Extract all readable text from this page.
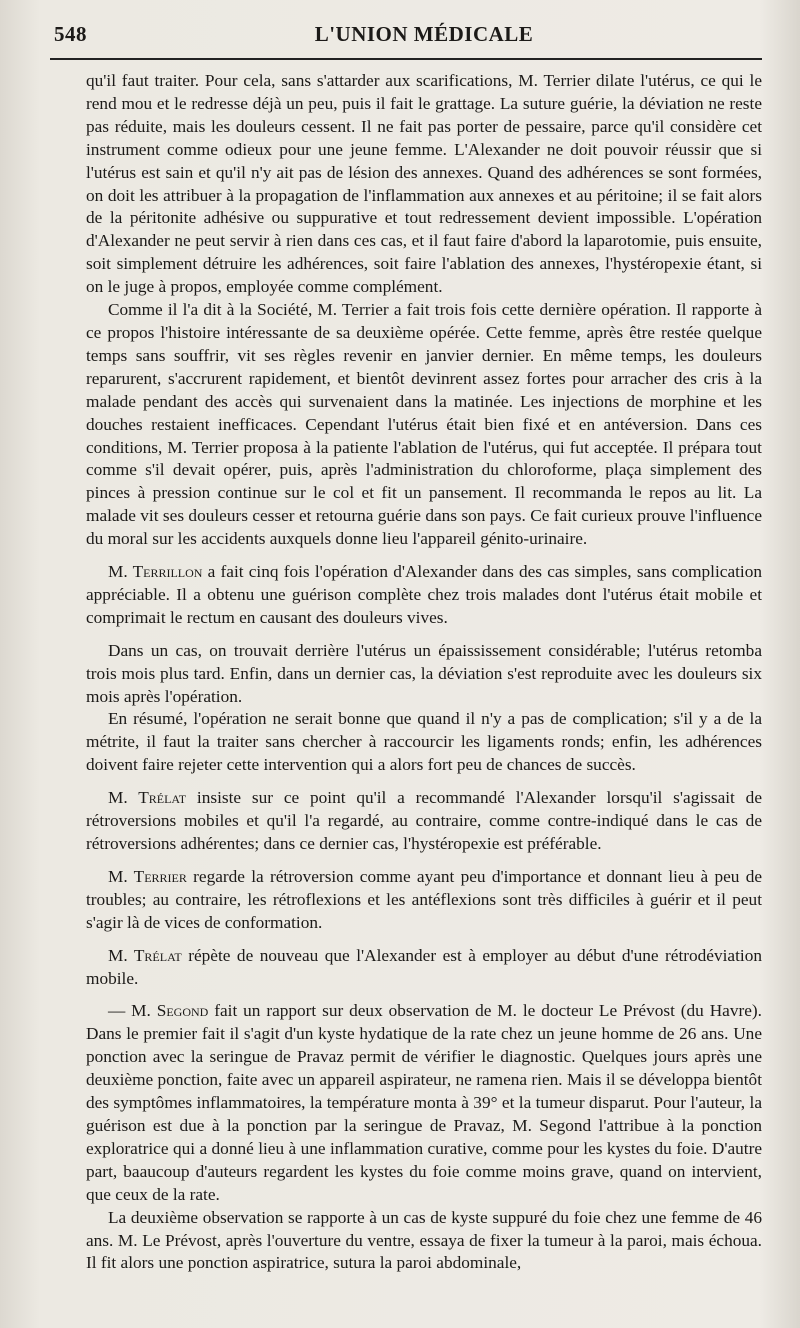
548	L'UNION MÉDICALE

qu'il faut traiter. Pour cela, sans s'attarder aux scarifications, M. Terrier dilate l'utérus, ce qui le rend mou et le redresse déjà un peu, puis il fait le grattage. La suture guérie, la déviation ne reste pas réduite, mais les douleurs cessent. Il ne fait pas porter de pessaire, parce qu'il considère cet instrument comme odieux pour une jeune femme. L'Alexander ne doit pouvoir réussir que si l'utérus est sain et qu'il n'y ait pas de lésion des annexes. Quand des adhérences se sont formées, on doit les attribuer à la propagation de l'inflammation aux annexes et au péritoine; il se fait alors de la péritonite adhésive ou suppurative et tout redressement devient impossible. L'opération d'Alexander ne peut servir à rien dans ces cas, et il faut faire d'abord la laparotomie, puis ensuite, soit simplement détruire les adhérences, soit faire l'ablation des annexes, l'hystéropexie étant, si on le juge à propos, employée comme complément.

Comme il l'a dit à la Société, M. Terrier a fait trois fois cette dernière opération. Il rapporte à ce propos l'histoire intéressante de sa deuxième opérée. Cette femme, après être restée quelque temps sans souffrir, vit ses règles revenir en janvier dernier. En même temps, les douleurs reparurent, s'accrurent rapidement, et bientôt devinrent assez fortes pour arracher des cris à la malade pendant des accès qui survenaient dans la matinée. Les injections de morphine et les douches restaient inefficaces. Cependant l'utérus était bien fixé et en antéversion. Dans ces conditions, M. Terrier proposa à la patiente l'ablation de l'utérus, qui fut acceptée. Il prépara tout comme s'il devait opérer, puis, après l'administration du chloroforme, plaça simplement des pinces à pression continue sur le col et fit un pansement. Il recommanda le repos au lit. La malade vit ses douleurs cesser et retourna guérie dans son pays. Ce fait curieux prouve l'influence du moral sur les accidents auxquels donne lieu l'appareil génito-urinaire.

M. Terrillon a fait cinq fois l'opération d'Alexander dans des cas simples, sans complication appréciable. Il a obtenu une guérison complète chez trois malades dont l'utérus était mobile et comprimait le rectum en causant des douleurs vives.

Dans un cas, on trouvait derrière l'utérus un épaississement considérable; l'utérus retomba trois mois plus tard. Enfin, dans un dernier cas, la déviation s'est reproduite avec les douleurs six mois après l'opération.

En résumé, l'opération ne serait bonne que quand il n'y a pas de complication; s'il y a de la métrite, il faut la traiter sans chercher à raccourcir les ligaments ronds; enfin, les adhérences doivent faire rejeter cette intervention qui a alors fort peu de chances de succès.

M. Trélat insiste sur ce point qu'il a recommandé l'Alexander lorsqu'il s'agissait de rétroversions mobiles et qu'il l'a regardé, au contraire, comme contre-indiqué dans le cas de rétroversions adhérentes; dans ce dernier cas, l'hystéropexie est préférable.

M. Terrier regarde la rétroversion comme ayant peu d'importance et donnant lieu à peu de troubles; au contraire, les rétroflexions et les antéflexions sont très difficiles à guérir et il peut s'agir là de vices de conformation.

M. Trélat répète de nouveau que l'Alexander est à employer au début d'une rétrodéviation mobile.

— M. Segond fait un rapport sur deux observation de M. le docteur Le Prévost (du Havre). Dans le premier fait il s'agit d'un kyste hydatique de la rate chez un jeune homme de 26 ans. Une ponction avec la seringue de Pravaz permit de vérifier le diagnostic. Quelques jours après une deuxième ponction, faite avec un appareil aspirateur, ne ramena rien. Mais il se développa bientôt des symptômes inflammatoires, la température monta à 39° et la tumeur disparut. Pour l'auteur, la guérison est due à la ponction par la seringue de Pravaz, M. Segond l'attribue à la ponction exploratrice qui a donné lieu à une inflammation curative, comme pour les kystes du foie. D'autre part, baaucoup d'auteurs regardent les kystes du foie comme moins grave, quand on intervient, que ceux de la rate.

La deuxième observation se rapporte à un cas de kyste suppuré du foie chez une femme de 46 ans. M. Le Prévost, après l'ouverture du ventre, essaya de fixer la tumeur à la paroi, mais échoua. Il fit alors une ponction aspiratrice, sutura la paroi abdominale,
